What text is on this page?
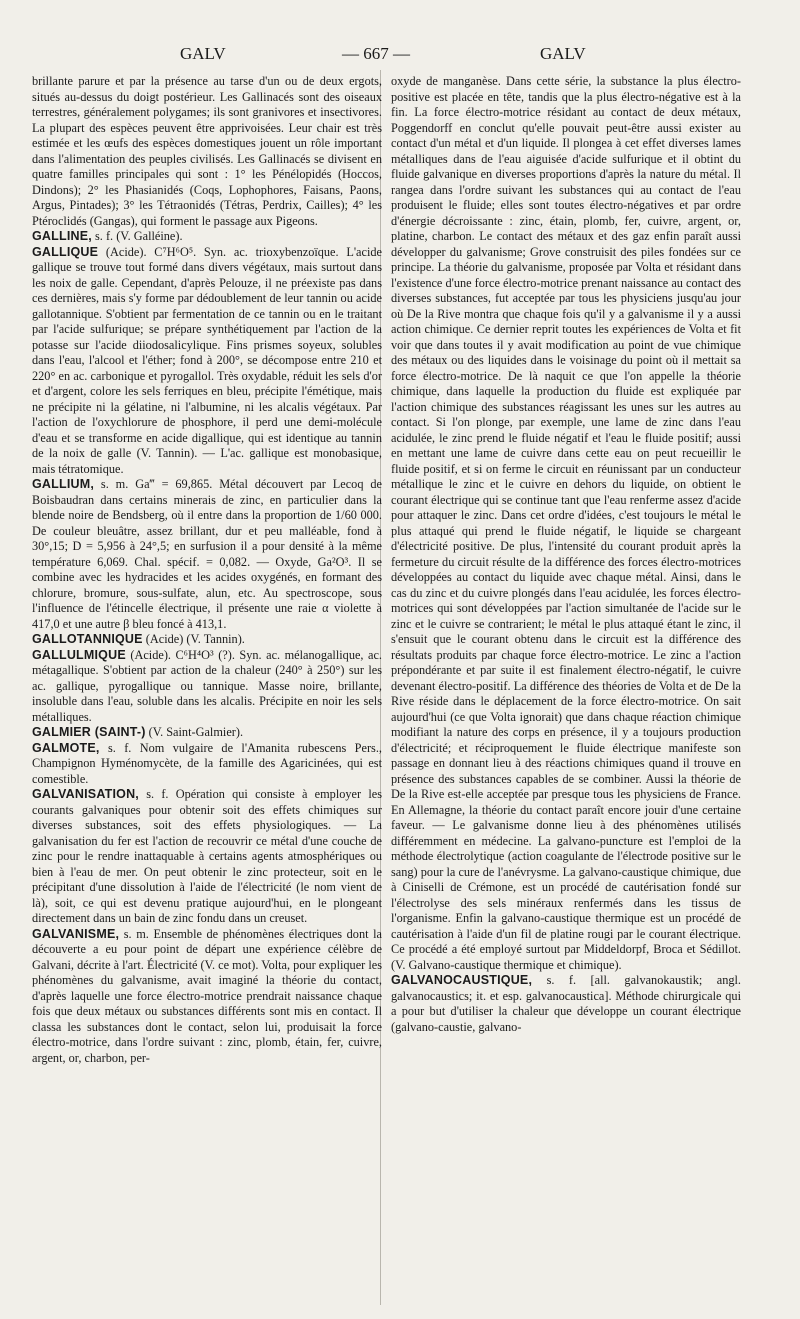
GALV	— 667 —	GALV

brillante parure et par la présence au tarse d'un ou de deux ergots, situés au-dessus du doigt postérieur. Les Gallinacés sont des oiseaux terrestres, généralement polygames; ils sont granivores et insectivores. La plupart des espèces peuvent être apprivoisées. Leur chair est très estimée et les œufs des espèces domestiques jouent un rôle important dans l'alimentation des peuples civilisés. Les Gallinacés se divisent en quatre familles principales qui sont : 1° les Pénélopidés (Hoccos, Dindons); 2° les Phasianidés (Coqs, Lophophores, Faisans, Paons, Argus, Pintades); 3° les Tétraonidés (Tétras, Perdrix, Cailles); 4° les Ptéroclidés (Gangas), qui forment le passage aux Pigeons.

GALLINE, s. f. (V. Galléine).

GALLIQUE (Acide). C⁷H⁶O⁵. Syn. ac. trioxybenzoïque. L'acide gallique se trouve tout formé dans divers végétaux, mais surtout dans les noix de galle. Cependant, d'après Pelouze, il ne préexiste pas dans ces dernières, mais s'y forme par dédoublement de leur tannin ou acide gallotannique. S'obtient par fermentation de ce tannin ou en le traitant par l'acide sulfurique; se prépare synthétiquement par l'action de la potasse sur l'acide diiodosalicylique. Fins prismes soyeux, solubles dans l'eau, l'alcool et l'éther; fond à 200°, se décompose entre 210 et 220° en ac. carbonique et pyrogallol. Très oxydable, réduit les sels d'or et d'argent, colore les sels ferriques en bleu, précipite l'émétique, mais ne précipite ni la gélatine, ni l'albumine, ni les alcalis végétaux. Par l'action de l'oxychlorure de phosphore, il perd une demi-molécule d'eau et se transforme en acide digallique, qui est identique au tannin de la noix de galle (V. Tannin). — L'ac. gallique est monobasique, mais tétratomique.

GALLIUM, s. m. Ga‴ = 69,865. Métal découvert par Lecoq de Boisbaudran dans certains minerais de zinc, en particulier dans la blende noire de Bendsberg, où il entre dans la proportion de 1/60 000. De couleur bleuâtre, assez brillant, dur et peu malléable, fond à 30°,15; D = 5,956 à 24°,5; en surfusion il a pour densité à la même température 6,069. Chal. spécif. = 0,082. — Oxyde, Ga²O³. Il se combine avec les hydracides et les acides oxygénés, en formant des chlorure, bromure, sous-sulfate, alun, etc. Au spectroscope, sous l'influence de l'étincelle électrique, il présente une raie α violette à 417,0 et une autre β bleu foncé à 413,1.

GALLOTANNIQUE (Acide) (V. Tannin).

GALLULMIQUE (Acide). C⁶H⁴O³ (?). Syn. ac. mélanogallique, ac. métagallique. S'obtient par action de la chaleur (240° à 250°) sur les ac. gallique, pyrogallique ou tannique. Masse noire, brillante, insoluble dans l'eau, soluble dans les alcalis. Précipite en noir les sels métalliques.

GALMIER (SAINT-) (V. Saint-Galmier).

GALMOTE, s. f. Nom vulgaire de l'Amanita rubescens Pers., Champignon Hyménomycète, de la famille des Agaricinées, qui est comestible.

GALVANISATION, s. f. Opération qui consiste à employer les courants galvaniques pour obtenir soit des effets chimiques sur diverses substances, soit des effets physiologiques. — La galvanisation du fer est l'action de recouvrir ce métal d'une couche de zinc pour le rendre inattaquable à certains agents atmosphériques ou bien à l'eau de mer. On peut obtenir le zinc protecteur, soit en le précipitant d'une dissolution à l'aide de l'électricité (le nom vient de là), soit, ce qui est devenu pratique aujourd'hui, en le plongeant directement dans un bain de zinc fondu dans un creuset.

GALVANISME, s. m. Ensemble de phénomènes électriques dont la découverte a eu pour point de départ une expérience célèbre de Galvani, décrite à l'art. Électricité (V. ce mot). Volta, pour expliquer les phénomènes du galvanisme, avait imaginé la théorie du contact, d'après laquelle une force électro-motrice prendrait naissance chaque fois que deux métaux ou substances différents sont mis en contact. Il classa les substances dont le contact, selon lui, produisait la force électro-motrice, dans l'ordre suivant : zinc, plomb, étain, fer, cuivre, argent, or, charbon, per-

oxyde de manganèse. Dans cette série, la substance la plus électro-positive est placée en tête, tandis que la plus électro-négative est à la fin. La force électro-motrice résidant au contact de deux métaux, Poggendorff en conclut qu'elle pouvait peut-être aussi exister au contact d'un métal et d'un liquide. Il plongea à cet effet diverses lames métalliques dans de l'eau aiguisée d'acide sulfurique et il obtint du fluide galvanique en diverses proportions d'après la nature du métal. Il rangea dans l'ordre suivant les substances qui au contact de l'eau produisent le fluide; elles sont toutes électro-négatives et par ordre d'énergie décroissante : zinc, étain, plomb, fer, cuivre, argent, or, platine, charbon. Le contact des métaux et des gaz enfin paraît aussi développer du galvanisme; Grove construisit des piles fondées sur ce principe. La théorie du galvanisme, proposée par Volta et résidant dans l'existence d'une force électro-motrice prenant naissance au contact des diverses substances, fut acceptée par tous les physiciens jusqu'au jour où De la Rive montra que chaque fois qu'il y a galvanisme il y a aussi action chimique. Ce dernier reprit toutes les expériences de Volta et fit voir que dans toutes il y avait modification au point de vue chimique des métaux ou des liquides dans le voisinage du point où il mettait sa force électro-motrice. De là naquit ce que l'on appelle la théorie chimique, dans laquelle la production du fluide est expliquée par l'action chimique des substances réagissant les unes sur les autres au contact. Si l'on plonge, par exemple, une lame de zinc dans l'eau acidulée, le zinc prend le fluide négatif et l'eau le fluide positif; aussi en mettant une lame de cuivre dans cette eau on peut recueillir le fluide positif, et si on ferme le circuit en réunissant par un conducteur métallique le zinc et le cuivre en dehors du liquide, on obtient le courant électrique qui se continue tant que l'eau renferme assez d'acide pour attaquer le zinc. Dans cet ordre d'idées, c'est toujours le métal le plus attaqué qui prend le fluide négatif, le liquide se chargeant d'électricité positive. De plus, l'intensité du courant produit après la fermeture du circuit résulte de la différence des forces électro-motrices développées au contact du liquide avec chaque métal. Ainsi, dans le cas du zinc et du cuivre plongés dans l'eau acidulée, les forces électro-motrices qui sont développées par l'action simultanée de l'acide sur le zinc et le cuivre se contrarient; le métal le plus attaqué étant le zinc, il s'ensuit que le courant obtenu dans le circuit est la différence des résultats produits par chaque force électro-motrice. Le zinc a l'action prépondérante et par suite il est finalement électro-négatif, le cuivre devenant électro-positif. La différence des théories de Volta et de De la Rive réside dans le déplacement de la force électro-motrice. On sait aujourd'hui (ce que Volta ignorait) que dans chaque réaction chimique modifiant la nature des corps en présence, il y a toujours production d'électricité; et réciproquement le fluide électrique manifeste son passage en donnant lieu à des réactions chimiques quand il trouve en présence des substances capables de se combiner. Aussi la théorie de De la Rive est-elle acceptée par presque tous les physiciens de France. En Allemagne, la théorie du contact paraît encore jouir d'une certaine faveur. — Le galvanisme donne lieu à des phénomènes utilisés différemment en médecine. La galvano-puncture est l'emploi de la méthode électrolytique (action coagulante de l'électrode positive sur le sang) pour la cure de l'anévrysme. La galvano-caustique chimique, due à Ciniselli de Crémone, est un procédé de cautérisation fondé sur l'électrolyse des sels minéraux renfermés dans les tissus de l'organisme. Enfin la galvano-caustique thermique est un procédé de cautérisation à l'aide d'un fil de platine rougi par le courant électrique. Ce procédé a été employé surtout par Middeldorpf, Broca et Sédillot. (V. Galvano-caustique thermique et chimique).

GALVANOCAUSTIQUE, s. f. [all. galvanokaustik; angl. galvanocaustics; it. et esp. galvanocaustica]. Méthode chirurgicale qui a pour but d'utiliser la chaleur que développe un courant électrique (galvano-caustie, galvano-
